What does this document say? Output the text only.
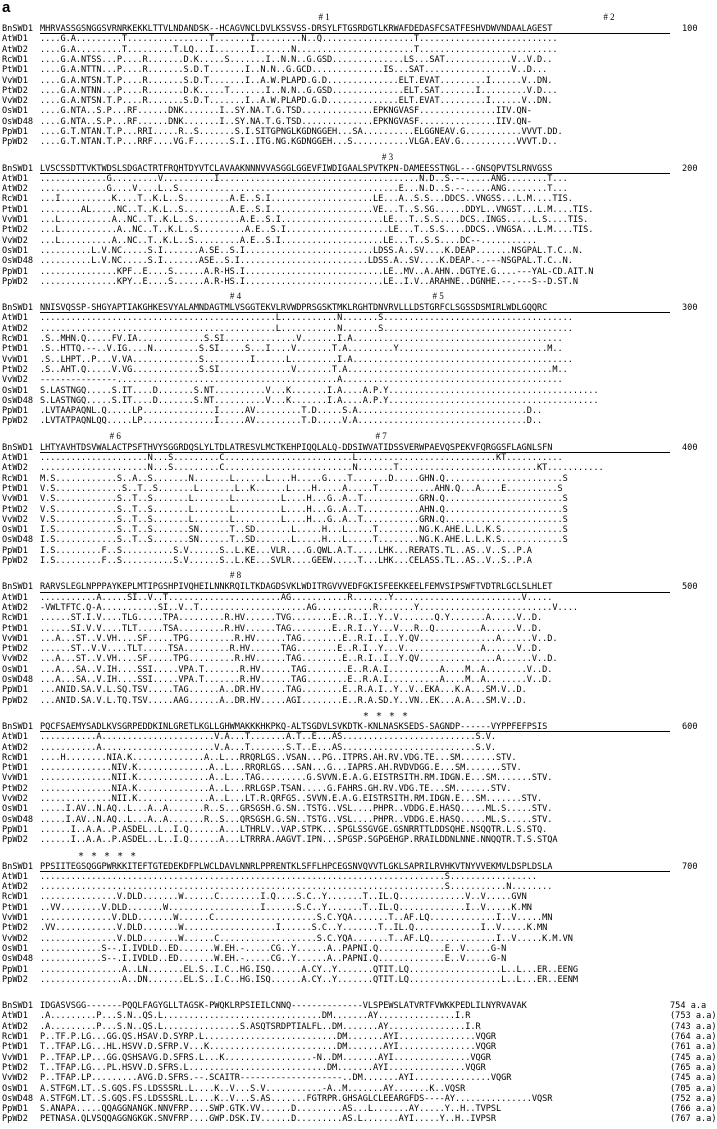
a
# 1	# 2
BnSWD1 MHRVASSGSNGGSVRNRKEKKLTTVLNDANDSK--HCAGVNCLDVLKSSVSS-DRSYLFTGSRDGTLKRWAFDEDASFCSATFESHVDWVNDAALAGEST	100
AtWD1	....G.A.........T................T.......I.........N..Q..................T...........................
AtWD2	....G.A.........T.........T.LQ...I.......I.......N.......................T...........................
RcWD1	....G.A.NTSS...P....R.......D.K.....S.......I..N.N..G.GSD..............LS...SAT.............V..V.D..
PtWD1	....G.A.NTTN...P....R.......S.D.T.......I..N.N..G.GCD..............IS...SAT.................V..D...
VvWD1	....G.A.NTSN.T.P....R.......S.D.T.......I..A.W.PLAPD.G.D..............ELT.EVAT.........I......V..DN.
PtWD2	....G.A.NTNN...P....R.......D.K.....T.......I..N.N..G.GSD..............ELT.SAT.......I.........V.D...
VvWD2	....G.A.NTSN.T.P....R.......S.D.T.......I..A.W.PLAPD.G.D..............ELT.EVAT.........I......V..DN.
OsWD1	....G.NTA..S.P...RF......DNK.......I..SY.NA.T.G.TSD..............EPKNGVASF...............IIV.QN-
OsWD48 ....G.NTA..S.P...RF......DNK.......I..SY.NA.T.G.TSD..............EPKNGVASF...............IIV.QN-
PpWD1	....G.T.NTAN.T.P...RRI.....R..S.......S.I.SITGPNGLKGDNGGEH...SA..........ELGGNEAV.G...........VVVT.DD.
PpWD2	....G.T.NTAN.T.P...RRF....VG.F.......S.I..ITG.NG.KGDNGGEH...S...........VLGA.EAV.G...........VVVT.D..
# 3
BnSWD1 LVSCSSDTTVKTWDSLSDGACTRTFRQHTDYVTCLAVAAKNNNVVASGGLGGEVFIWDIGAALSPVTKPN-DAMEESSTNGL---GNSQPVTSLRNVGSS	200
AtWD1	.............G.........V..........I.......................................N.D..S.--.....ANG........T...
AtWD2	.............G....V....L..S...........................................E...N.D..S.--.....ANG........T...
RcWD1	...I..........K....T..K.L..S.........A.E..S.I....................LE...A..S.S...DDCS..VNGSS...L.M....TIS.
PtWD1	........AL.....NC..T..K.L..S.........A.E..S.I....................VE...T..S.SG......DDYL..VNGST...L.M....TIS.
VvWD1	...L..........A..NC..T..K.L..S.........A.E..S.I....................LE...T..S.S....DCS..INGS.....L.S....TIS.
PtWD2	...L...........A..NC..T..K.L..S.........A.E..S.I....................LE...T..S.S....DDCS..VNGSA...L.M....TIS.
VvWD2	...L..........A..NC..T..K.L..S.........A.E..S.I....................LE...T..S.S....DC--...........
OsWD1	..........L.V.NC.....S.I.......A.SE..S.I.........................LDSS.A..SV....K.DEAP.......NSGPAL.T.C..N.
OsWD48 ..........L.V.NC.....S.I.......ASE..S.I.........................LDSS.A..SV....K.DEAP.-.---NSGPAL.T.C..N.
PpWD1	...............KPF..E....S......A.R-HS.I...........................LE..MV..A.AHN..DGTYE.G....---YAL-CD.AIT.N
PpWD2	...............KPY..E....S......A.R-HS.I...........................LE..I.V..ARAHNE..DGNHE.--.---S--D.ST.N
# 4	# 5
BnSWD1 NNISVQSSP-SHGYAPTIAKGHKESVYALAMNDAGTMLVSGGTEKVLRVWDPRSGSKTMKLRGHTDNVRVLLLDSTGRFCLSGSSDSMIRLWDLGQQRC	300
AtWD1	..............................................L...........N.......S.....................................
AtWD2	..............................................L...........N.......S.....................................
RcWD1	.S..MHN.Q.....FV.IA.............S.SI..............V.......I.A.........................................
PtWD1	.S..HTTQ.--..V.IG....N.........S.SI.....S...I....V.......T.A.........Y.............................M..
VvWD1	.S..LHPT..P...V.VA.............S.........I......L.........I.A...........................................
PtWD2	.S..AHT.Q.....V.VG.............S.SI..............V.......T.A........................................M..
VvWD2	---------------...........................................A...........................................
OsWD1	S.LASTNGQ.....S.IT....D.......S.NT..........V...K.......I.A....A.P.Y.........................................
OsWD48 S.LASTNGQ.....S.IT....D.......S.NT..........V...K.......I.A....A.P.Y.........................................
PpWD1	.LVTAAPAQNL.Q.....LP..............I.....AV.........T.D.....S.A.................................D..
PpWD2	.LVTATPAQNLQQ.....LP..............I.....AV.........T.D.....V.A.................................D..
# 6	# 7
BnSWD1 LHTYAVHTDSVWALACTPSFTHVYSGGRDQSLYLTDLATRESVLMCTKEHPIQQLALQ-DDSIWVATIDSSVERWPAEVQSPEKVFQRGGSFLAGNLSFN	400
AtWD1	.....................N...S.........C.........................L...........................KT...........
AtWD2	.....................N...S.........C.........................N.......T...........................KT...........
RcWD1	M.S............S..A..S.......N.......L......L....H.....G....T.......D.....GHN.Q.......................S
PtWD1	V.S.............S..T..S.......L.......L..K......L....H.....A.....T...........AHN.Q...A....E..........S
VvWD1	V.S............S..T..S.......L.......L.........L....H...G..A..T...........GRN.Q.......................S
PtWD2	V.S............S..T..S.......L.......L.........L....H...G..A..T...........AHN.Q.......................S
VvWD2	V.S............S..T..S.......L.......L.........L....H...G..A..T...........GRN.Q.......................S
OsWD1	I.S............S..T..S.......SN......T..SD.......L.....H...L.....T........NG.K.AHE.L.L.K.S............S
OsWD48 I.S............S..T..S.......SN......T..SD.......L.....H...L.....T........NG.K.AHE.L.L.K.S............S
PpWD1	I.S.........F..S..........S.V......S..L.KE...VLR....G.QWL.A.T.....LHK...RERATS.TL..AS..V..S..P.A
PpWD2	I.S.........F..S..........S.V......S..L.KE...SVLR....GEEW.....T...LHK...CELASS.TL..AS..V..S..P.A
# 8
BnSWD1 RARVSLEGLNPPPAYKEPLMTIPGSHPIVQHEILNNKRQILTKDAGDSVKLWDITRGVVVEDFGKISFEEKKEELFEMVSIPSWFTVDTRLGCLSLHLET	500
AtWD1	...........A.....SI..V..T......................AG...........R.......Y.........................V.....
AtWD2	-VWLTFTC.Q-A...........SI..V..T.....................AG...........R.......Y..........................V....
RcWD1	......ST.I.V....TLG.....TPA.........R.HV......TVG........E..R..I..Y..V.......Q.Y.......A.....V..D.
PtWD1	......SI.V.V....TLT.....TSA.........R.HV......TAG........E..R.I..Y...V...R..Q.........A......V..D.
VvWD1	...A...ST..V.VH....SF.....TPG.........R.HV......TAG........E..R.I..I..Y.QV...............A......V..D.
PtWD2	......ST..V.V....TLT.....TSA.........R.HV......TAG........E..R.I..Y...V...............A......V..D.
VvWD2	...A...ST..V.VH....SF.....TPG.........R.HV......TAG........E..R.I..I..Y.QV...............A......V..D.
OsWD1	...A...SA..V.IH....SSI.....VPA.T.......R.HV......TAG........E..R.A.I..........A....M..A........V..D.
OsWD48 ...A...SA..V.IH....SSI.....VPA.T.......R.HV......TAG........E..R.A.I..........A....M..A........V..D.
PpWD1	...ANID.SA.V.L.SQ.TSV.....TAG......A..DR.HV.....TAG........E..R.A.I..Y..V..EKA...K.A...SM.V..D.
PpWD2	...ANID.SA.V.L.TQ.TSV.....AAG......A..DR.HV.....AGI........E..R.A.SD.Y..VN..EK...A.A...SM.V..D.
* * * *
BnSWD1 PQCFSAEMYSADLKVSGRPEDDKINLGRETLKGLLGHWMAKKKHKPKQ-ALTSGDVLSVKDTK-KNLNASKSEDS-SAGNDP------VYPPFEFPSIS	600
AtWD1	...........A......................V.A...T.......A.T..E...AS..........................S.V.
AtWD2	...........A......................V.A...T.......S.T..E...AS..........................S.V.
RcWD1	....H........NIA.K..............A..L...RRQRLGS..VSAN...PG..ITPRS.AH.RV.VDG.TE...SM.......STV.
PtWD1	..............NIV.K..............A..L...RRQRLGS...SAN...G...IAPRS.AH.RVDVDGG.E...SM.......STV.
VvWD1	..............NII.K..............A..L...TAG.........G.SVVN.E.A.G.EISTRSITH.RM.IDGN.E...SM.......STV.
PtWD2	..............NIA.K..............A..L...RRLGSP.TSAN.....G.FAHRS.GH.RV.VDG.TE...SM.......STV.
VvWD2	..............NII.K..............A..L...LT.R.QRFGS..SVVN.E.A.G.EISTRSITH.RM.IDGN.E...SM.......STV.
OsWD1	.....I.AV..N.AQ..L...A..A.......R..S...GRSGSH.G.SN..TSTG..VSL....PHPR..VDDG.E.HASQ.....ML.S.....STV.
OsWD48 .....I.AV..N.AQ..L...A..A.......R..S...QRSGSH.G.SN..TSTG..VSL....PHPR..VDDG.E.HASQ.....ML.S.....STV.
PpWD1	......I..A.A..P.ASDEL..L..I.Q......A...LTHRLV..VAP.STPK...SPGLSSGVGE.GSNRRTTLDDSQHE.NSQQTR.L.S.STQ.
PpWD2	......I..A.A..P.ASDEL..L..I.Q......A...LTRRRA.AAGVT.IPN...SPGSP.SGPGEHGP.RRAILDDNLNNE.NNQQTR.T.S.STQA
* * * * *
BnSWD1 PPSIITEGSQGGPWRKKITEFTGTEDEKDFPLWCLDAVLNNRLPPRENTKLSFFLHPCEGSNVQVVTLGKLSAPRILRVHKVTNYVVEKMVLDSPLDSLA	700
AtWD1	...............................................................................S.................
AtWD2	...............................................................................S...........N........
RcWD1	...............V.DLD.......W......C........I.Q....S.C..Y.......T..IL.Q.............V..V.....GVN
PtWD1	..VV........V.DLD.......W..................I......S.C..Y.......T..IL.Q.............I..V.....K.MN
VvWD1	..............V.DLD.......W......C....................S.C.YQA.......T..AF.LQ.............I..V.....MN
PtWD2	.VV............V.DLD.......W..................I......S.C..Y.......T..IL.Q.............I..V.....K.MN
VvWD2	...............V.DLD.......W......C...................S.C.YQA.......T..AF.LQ.............I..V.....K.M.VN
OsWD1	............S--.I.IVDLD..ED.......W.EH.-.....CG..Y......A..PAPNI.Q.............E..V.....G-N
OsWD48 ............S--.I.IVDLD..ED.......W.EH.-.....CG..Y......A..PAPNI.Q.............E..V.....G-N
PpWD1	................A..LN.......EL.S..I.C..HG.ISQ......A.CY..Y.......QTIT.LQ..................L..L...ER..EENG
PpWD2	................A..DN.......EL.S..I.C..HG.ISQ......A.CY..Y.......QTIT.LQ..................L..L...ER..EENM
BnSWD1 IDGASVSGG-------PQQLFAGYGLLTAGSK-PWQKLRPSIEILCNNQ--------------VLSPEWSLATVRTFVWKKPEDLILNYRVAVAK	754 a.a
AtWD1	.A.........P...S.N..QS.L...............................DM.......AY...............I.R	(753 a.a)
AtWD2	.A.........P...S.N..QS.L...............S.ASQTSRDPTIALFL..DM.......AY...............I.R	(743 a.a)
RcWD1	P..TF.P.LG...GG.QS.HSAV.D.SYRP.L..........................DM.......AYI...............VQGR	(764 a.a)
PtWD1	T..TFAP.LG...HL.HSVV.D.SFRP.V...K.........................DM.......AYI...............VQGR	(761 a.a)
VvWD1	P..TFAP.LP...GG.QSHSAVG.D.SFRS.L...K.................-N..DM.......AYI...............VQGR	(745 a.a)
PtWD2	T..TFAP.LG...PL.HSVV.D.SFRS.L...........................DM.......AYI...............VQGR	(765 a.a)
VvWD2	P..TFAP.LP.........AVG.D.SFRS.--.SCAITR--------------------..DM.......AYI...............VQGR	(745 a.a)
OsWD1	A.STFGM.LT..S.GQS.FS.LDSSSRL.L....K..V...S.V...........-A..M.......AY.......K..VQSR	(705 a.a)
OsWD48 A.STFGM.LT..S.GQS.FS.LDSSSRL.L....K..V...S.AS.......FGTRPR.GHSAGLCLEEARGFDS----AY...............VQSR	(752 a.a)
PpWD1	S.ANAPA.....QQAGGNANGK.NNVFRP....SWP.GTK.VV......D.........AS...L.......AY.....Y..H..TVPSL	(766 a.a)
PpWD2	PETNASA.QLVSQQAGGNGKGK.SNVFRP....GWP.DSK.IV......D.........AS.L.......AYI.....Y..H..IVPSR	(767 a.a)
